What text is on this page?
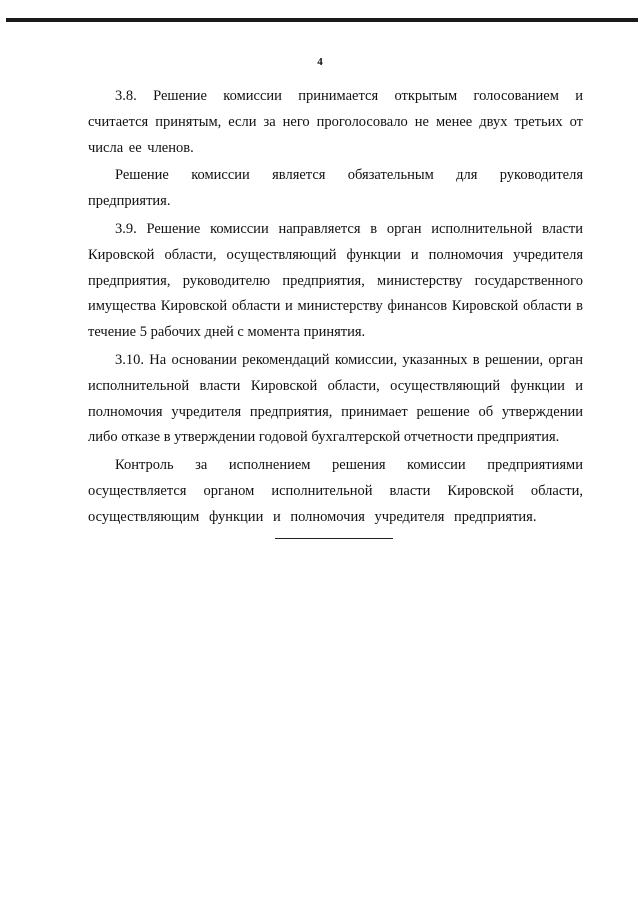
4

3.8. Решение комиссии принимается открытым голосованием и считается принятым, если за него проголосовало не менее двух третьих от числа ее членов.

Решение комиссии является обязательным для руководителя предприятия.

3.9. Решение комиссии направляется в орган исполнительной власти Кировской области, осуществляющий функции и полномочия учредителя предприятия, руководителю предприятия, министерству государственного имущества Кировской области и министерству финансов Кировской области в течение 5 рабочих дней с момента принятия.

3.10. На основании рекомендаций комиссии, указанных в решении, орган исполнительной власти Кировской области, осуществляющий функции и полномочия учредителя предприятия, принимает решение об утверждении либо отказе в утверждении годовой бухгалтерской отчетности предприятия.

Контроль за исполнением решения комиссии предприятиями осуществляется органом исполнительной власти Кировской области, осуществляющим функции и полномочия учредителя предприятия.
